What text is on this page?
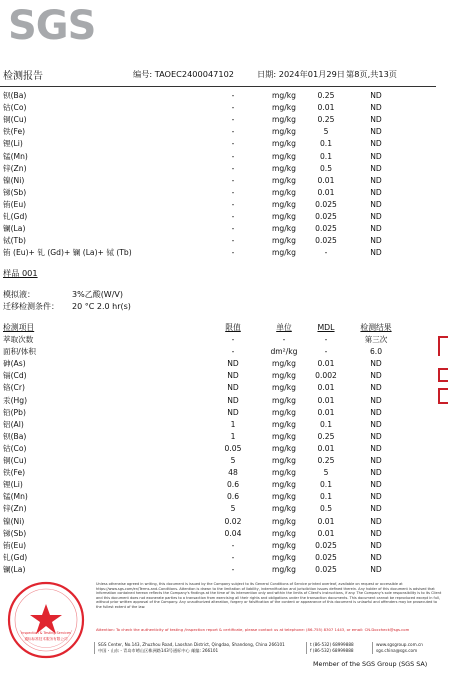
SGS
检测报告	编号: TAOEC2400047102	日期: 2024年01月29日 第8页,共13页
钡(Ba)	-	mg/kg	0.25	ND
钴(Co)	-	mg/kg	0.01	ND
铜(Cu)	-	mg/kg	0.25	ND
铁(Fe)	-	mg/kg	5	ND
锂(Li)	-	mg/kg	0.1	ND
锰(Mn)	-	mg/kg	0.1	ND
锌(Zn)	-	mg/kg	0.5	ND
镍(Ni)	-	mg/kg	0.01	ND
锑(Sb)	-	mg/kg	0.01	ND
铕(Eu)	-	mg/kg	0.025	ND
钆(Gd)	-	mg/kg	0.025	ND
镧(La)	-	mg/kg	0.025	ND
铽(Tb)	-	mg/kg	0.025	ND
铕 (Eu)+ 钆 (Gd)+ 镧 (La)+ 铽 (Tb)	-	mg/kg	-	ND
样品 001
模拟液：	3%乙酸(W/V)
迁移检测条件： 20 °C 2.0 hr(s)
检测项目	限值	单位	MDL	检测结果
萃取次数	-	-	-	第三次
面积/体积	-	dm²/kg	-	6.0
砷(As)	ND	mg/kg	0.01	ND
镉(Cd)	ND	mg/kg	0.002	ND
铬(Cr)	ND	mg/kg	0.01	ND
汞(Hg)	ND	mg/kg	0.01	ND
铅(Pb)	ND	mg/kg	0.01	ND
铝(Al)	1	mg/kg	0.1	ND
钡(Ba)	1	mg/kg	0.25	ND
钴(Co)	0.05	mg/kg	0.01	ND
铜(Cu)	5	mg/kg	0.25	ND
铁(Fe)	48	mg/kg	5	ND
锂(Li)	0.6	mg/kg	0.1	ND
锰(Mn)	0.6	mg/kg	0.1	ND
锌(Zn)	5	mg/kg	0.5	ND
镍(Ni)	0.02	mg/kg	0.01	ND
锑(Sb)	0.04	mg/kg	0.01	ND
铕(Eu)	-	mg/kg	0.025	ND
钆(Gd)	-	mg/kg	0.025	ND
镧(La)	-	mg/kg	0.025	ND
通标标准技术服务有限公司
Inspection & Testing Services
Unless otherwise agreed in writing, this document is issued by the Company subject to its General Conditions of Service printed overleaf, available on request or accessible at https://www.sgs.com/en/Terms-and-Conditions. Attention is drawn to the limitation of liability, indemnification and jurisdiction issues defined therein. Any holder of this document is advised that information contained hereon reflects the Company's findings at the time of its intervention only and within the limits of Client's instructions, if any. The Company's sole responsibility is to its Client and this document does not exonerate parties to a transaction from exercising all their rights and obligations under the transaction documents. This document cannot be reproduced except in full, without prior written approval of the Company. Any unauthorized alteration, forgery or falsification of the content or appearance of this document is unlawful and offenders may be prosecuted to the fullest extent of the law.
Attention: To check the authenticity of testing /inspection report & certificate, please contact us at telephone: (86-755) 8307 1443, or email: CN.Doccheck@sgs.com
SGS Center, No.143, Zhuzhou Road, Laoshan District, Qingdao, Shandong, China 266101
中国・山东・青岛市崂山区株洲路143号通标中心 邮编: 266101
t (86-532) 68999888
f (86-532) 68999888
www.sgsgroup.com.cn
sgs.china@sgs.com
Member of the SGS Group (SGS SA)
